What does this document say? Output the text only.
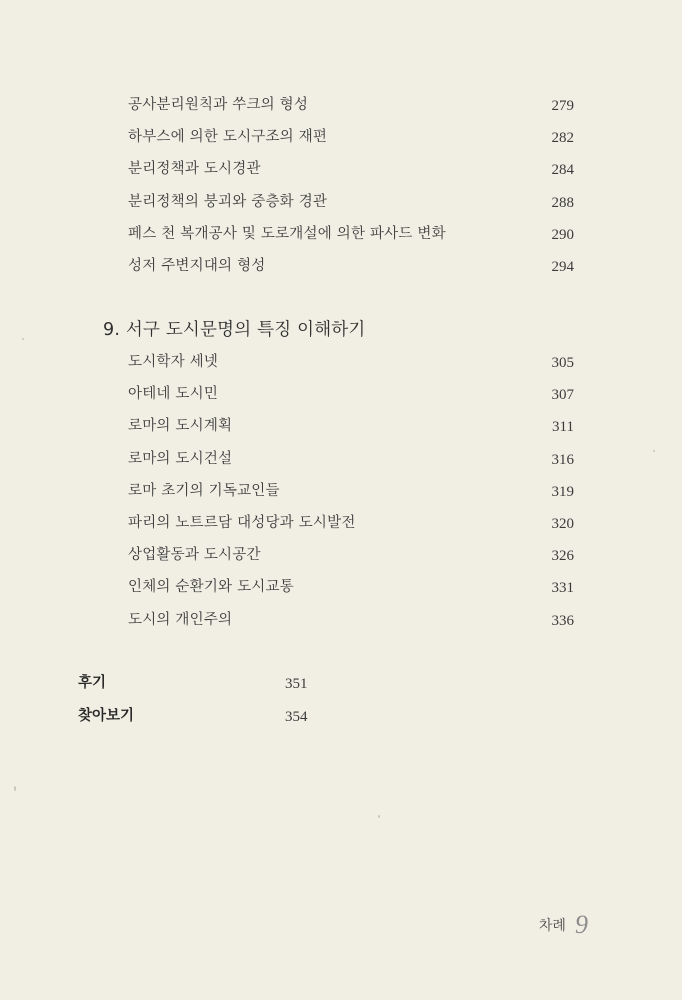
공사분리원칙과 쑤크의 형성	279
하부스에 의한 도시구조의 재편	282
분리정책과 도시경관	284
분리정책의 붕괴와 중층화 경관	288
페스 천 복개공사 및 도로개설에 의한 파사드 변화	290
성저 주변지대의 형성	294
9. 서구 도시문명의 특징 이해하기
도시학자 세넷	305
아테네 도시민	307
로마의 도시계획	311
로마의 도시건설	316
로마 초기의 기독교인들	319
파리의 노트르담 대성당과 도시발전	320
상업활동과 도시공간	326
인체의 순환기와 도시교통	331
도시의 개인주의	336
후기	351
찾아보기	354
차례 9
